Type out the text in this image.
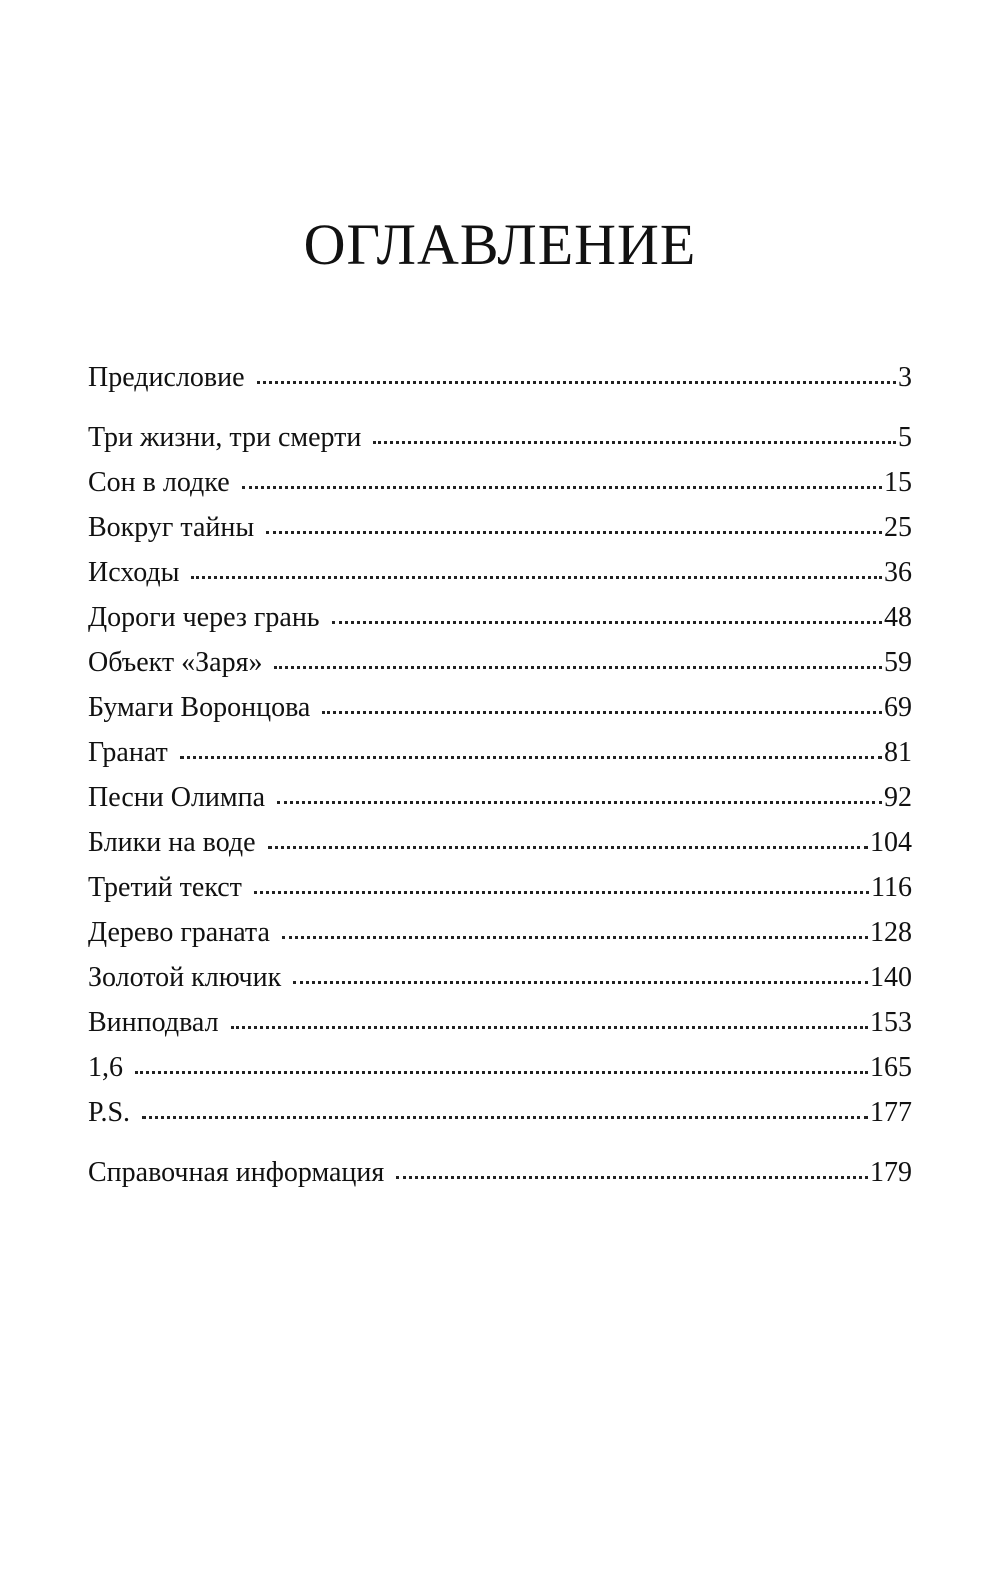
ОГЛАВЛЕНИЕ
Предисловие	3
Три жизни, три смерти	5
Сон в лодке	15
Вокруг тайны	25
Исходы	36
Дороги через грань	48
Объект «Заря»	59
Бумаги Воронцова	69
Гранат	81
Песни Олимпа	92
Блики на воде	104
Третий текст	116
Дерево граната	128
Золотой ключик	140
Винподвал	153
1,6	165
P.S.	177
Справочная информация	179
